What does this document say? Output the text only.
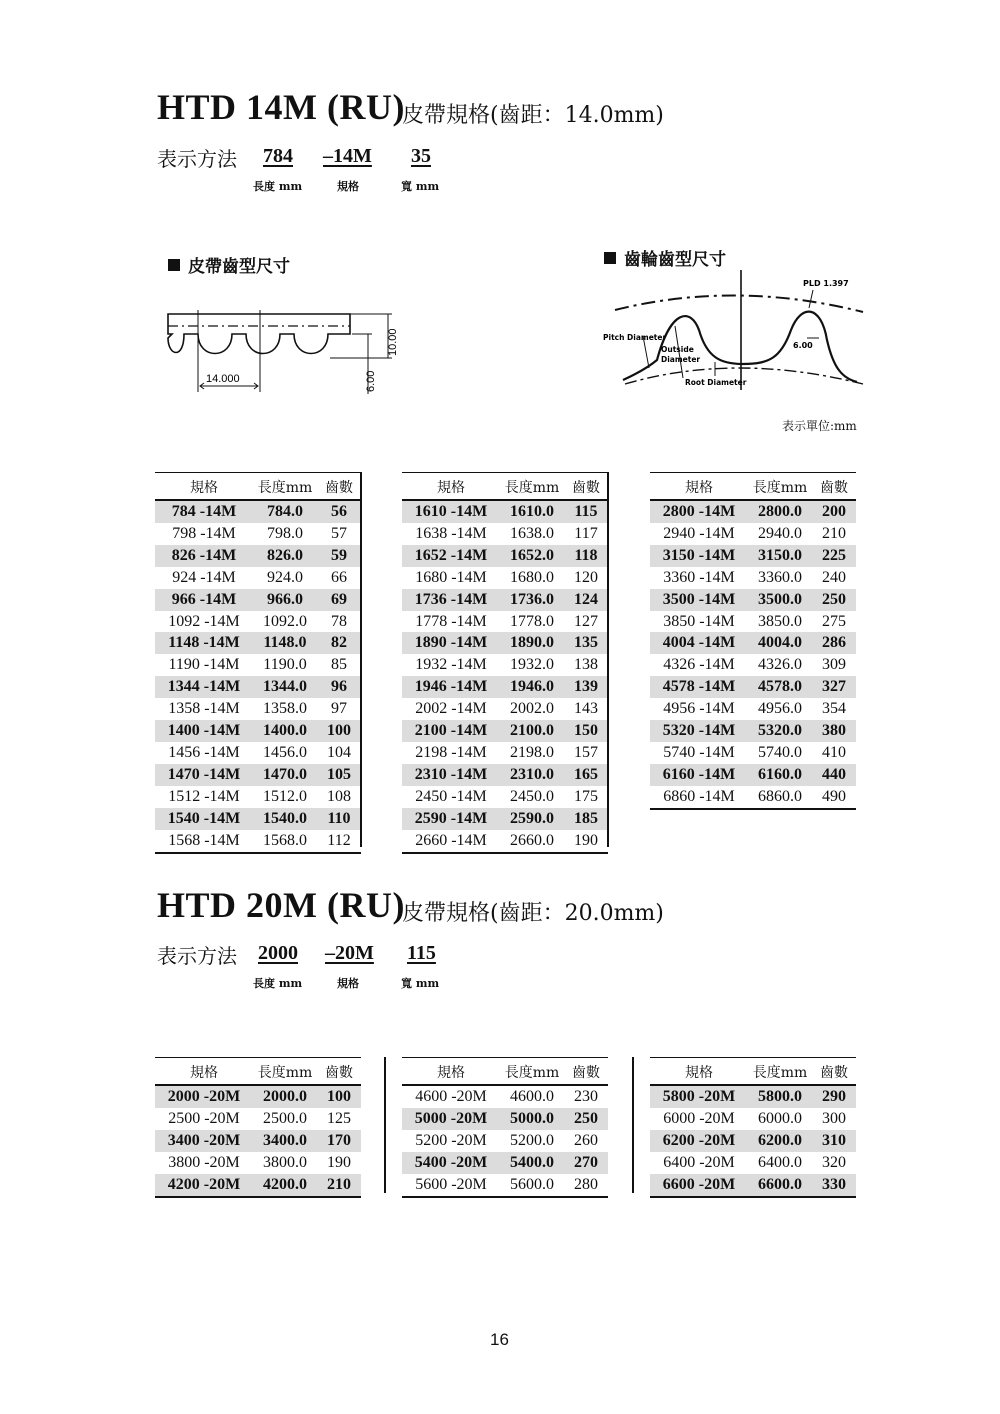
HTD 14M (RU)
皮帶規格(齒距：14.0mm)
表示方法 784 –14M 35
長度 mm	規格	寬 mm
皮帶齒型尺寸	齒輪齒型尺寸
14.000
10.00
6.00
PLD 1.397
Pitch Diameter
Outside
Diameter
Root Diameter
6.00
表示單位:mm
規格	長度mm	齒數
784 -14M	784.0	56
798 -14M	798.0	57
826 -14M	826.0	59
924 -14M	924.0	66
966 -14M	966.0	69
1092 -14M	1092.0	78
1148 -14M	1148.0	82
1190 -14M	1190.0	85
1344 -14M	1344.0	96
1358 -14M	1358.0	97
1400 -14M	1400.0	100
1456 -14M	1456.0	104
1470 -14M	1470.0	105
1512 -14M	1512.0	108
1540 -14M	1540.0	110
1568 -14M	1568.0	112
規格	長度mm	齒數
1610 -14M	1610.0	115
1638 -14M	1638.0	117
1652 -14M	1652.0	118
1680 -14M	1680.0	120
1736 -14M	1736.0	124
1778 -14M	1778.0	127
1890 -14M	1890.0	135
1932 -14M	1932.0	138
1946 -14M	1946.0	139
2002 -14M	2002.0	143
2100 -14M	2100.0	150
2198 -14M	2198.0	157
2310 -14M	2310.0	165
2450 -14M	2450.0	175
2590 -14M	2590.0	185
2660 -14M	2660.0	190
規格	長度mm	齒數
2800 -14M	2800.0	200
2940 -14M	2940.0	210
3150 -14M	3150.0	225
3360 -14M	3360.0	240
3500 -14M	3500.0	250
3850 -14M	3850.0	275
4004 -14M	4004.0	286
4326 -14M	4326.0	309
4578 -14M	4578.0	327
4956 -14M	4956.0	354
5320 -14M	5320.0	380
5740 -14M	5740.0	410
6160 -14M	6160.0	440
6860 -14M	6860.0	490
HTD 20M (RU)
皮帶規格(齒距：20.0mm)
表示方法 2000 –20M 115
長度 mm	規格	寬 mm
規格	長度mm	齒數
2000 -20M	2000.0	100
2500 -20M	2500.0	125
3400 -20M	3400.0	170
3800 -20M	3800.0	190
4200 -20M	4200.0	210
規格	長度mm	齒數
4600 -20M	4600.0	230
5000 -20M	5000.0	250
5200 -20M	5200.0	260
5400 -20M	5400.0	270
5600 -20M	5600.0	280
規格	長度mm	齒數
5800 -20M	5800.0	290
6000 -20M	6000.0	300
6200 -20M	6200.0	310
6400 -20M	6400.0	320
6600 -20M	6600.0	330
16
